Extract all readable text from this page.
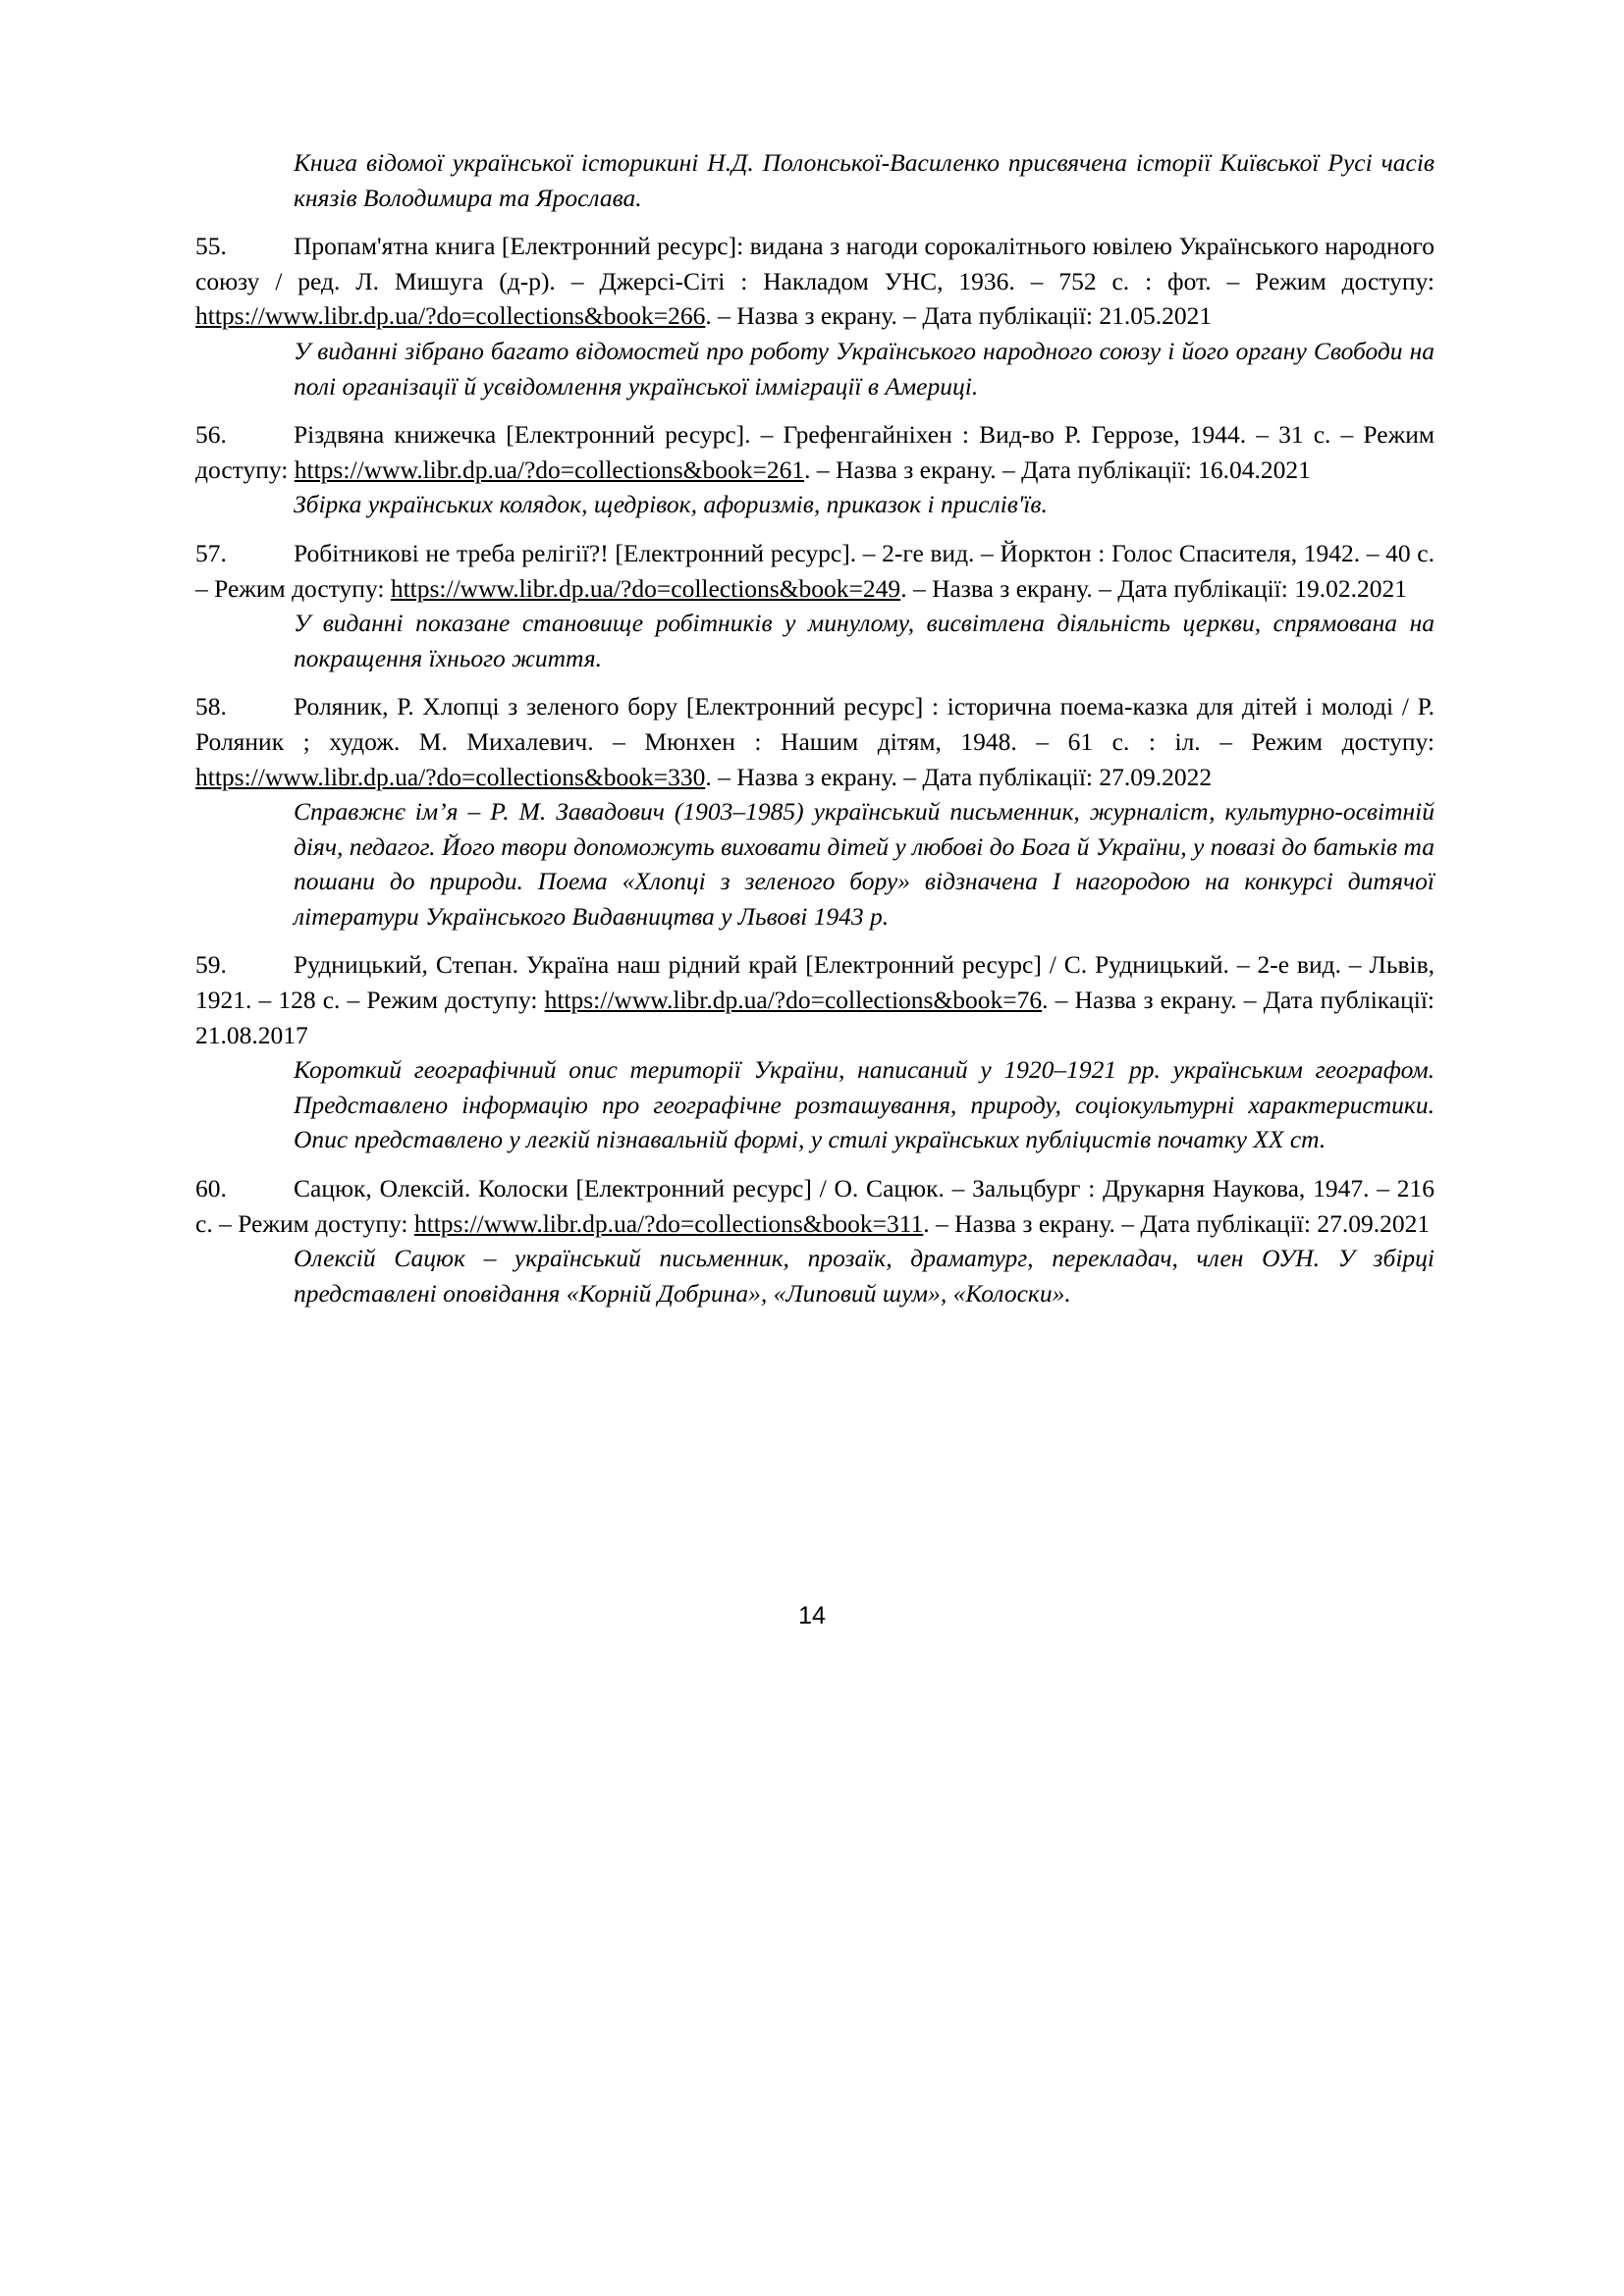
Книга відомої української історикині Н.Д. Полонської-Василенко присвячена історії Київської Русі часів князів Володимира та Ярослава.
55.	Пропам'ятна книга [Електронний ресурс]: видана з нагоди сорокалітнього ювілею Українського народного союзу / ред. Л. Мишуга (д-р). – Джерсі-Сіті : Накладом УНС, 1936. – 752 с. : фот. – Режим доступу: https://www.libr.dp.ua/?do=collections&book=266. – Назва з екрану. – Дата публікації: 21.05.2021
У виданні зібрано багато відомостей про роботу Українського народного союзу і його органу Свободи на полі організації й усвідомлення української імміграції в Америці.
56.	Різдвяна книжечка [Електронний ресурс]. – Грефенгайніхен : Вид-во Р. Геррозе, 1944. – 31 с. – Режим доступу: https://www.libr.dp.ua/?do=collections&book=261. – Назва з екрану. – Дата публікації: 16.04.2021
Збірка українських колядок, щедрівок, афоризмів, приказок і прислів'їв.
57.	Робітникові не треба релігії?! [Електронний ресурс]. – 2-ге вид. – Йорктон : Голос Спасителя, 1942. – 40 с. – Режим доступу: https://www.libr.dp.ua/?do=collections&book=249. – Назва з екрану. – Дата публікації: 19.02.2021
У виданні показане становище робітників у минулому, висвітлена діяльність церкви, спрямована на покращення їхнього життя.
58.	Роляник, Р. Хлопці з зеленого бору [Електронний ресурс] : історична поема-казка для дітей і молоді / Р. Роляник ; худож. М. Михалевич. – Мюнхен : Нашим дітям, 1948. – 61 с. : іл. – Режим доступу: https://www.libr.dp.ua/?do=collections&book=330. – Назва з екрану. – Дата публікації: 27.09.2022
Справжнє ім’я – Р. М. Завадович (1903–1985) український письменник, журналіст, культурно-освітній діяч, педагог. Його твори допоможуть виховати дітей у любові до Бога й України, у повазі до батьків та пошани до природи. Поема «Хлопці з зеленого бору» відзначена I нагородою на конкурсі дитячої літератури Українського Видавництва у Львові 1943 р.
59.	Рудницький, Степан. Україна наш рідний край [Електронний ресурс] / С. Рудницький. – 2-е вид. – Львів, 1921. – 128 с. – Режим доступу: https://www.libr.dp.ua/?do=collections&book=76. – Назва з екрану. – Дата публікації: 21.08.2017
Короткий географічний опис території України, написаний у 1920–1921 рр. українським географом. Представлено інформацію про географічне розташування, природу, соціокультурні характеристики. Опис представлено у легкій пізнавальній формі, у стилі українських публіцистів початку XX ст.
60.	Сацюк, Олексій. Колоски [Електронний ресурс] / О. Сацюк. – Зальцбург : Друкарня Наукова, 1947. – 216 с. – Режим доступу: https://www.libr.dp.ua/?do=collections&book=311. – Назва з екрану. – Дата публікації: 27.09.2021
Олексій Сацюк – український письменник, прозаїк, драматург, перекладач, член ОУН. У збірці представлені оповідання «Корній Добрина», «Липовий шум», «Колоски».
14
